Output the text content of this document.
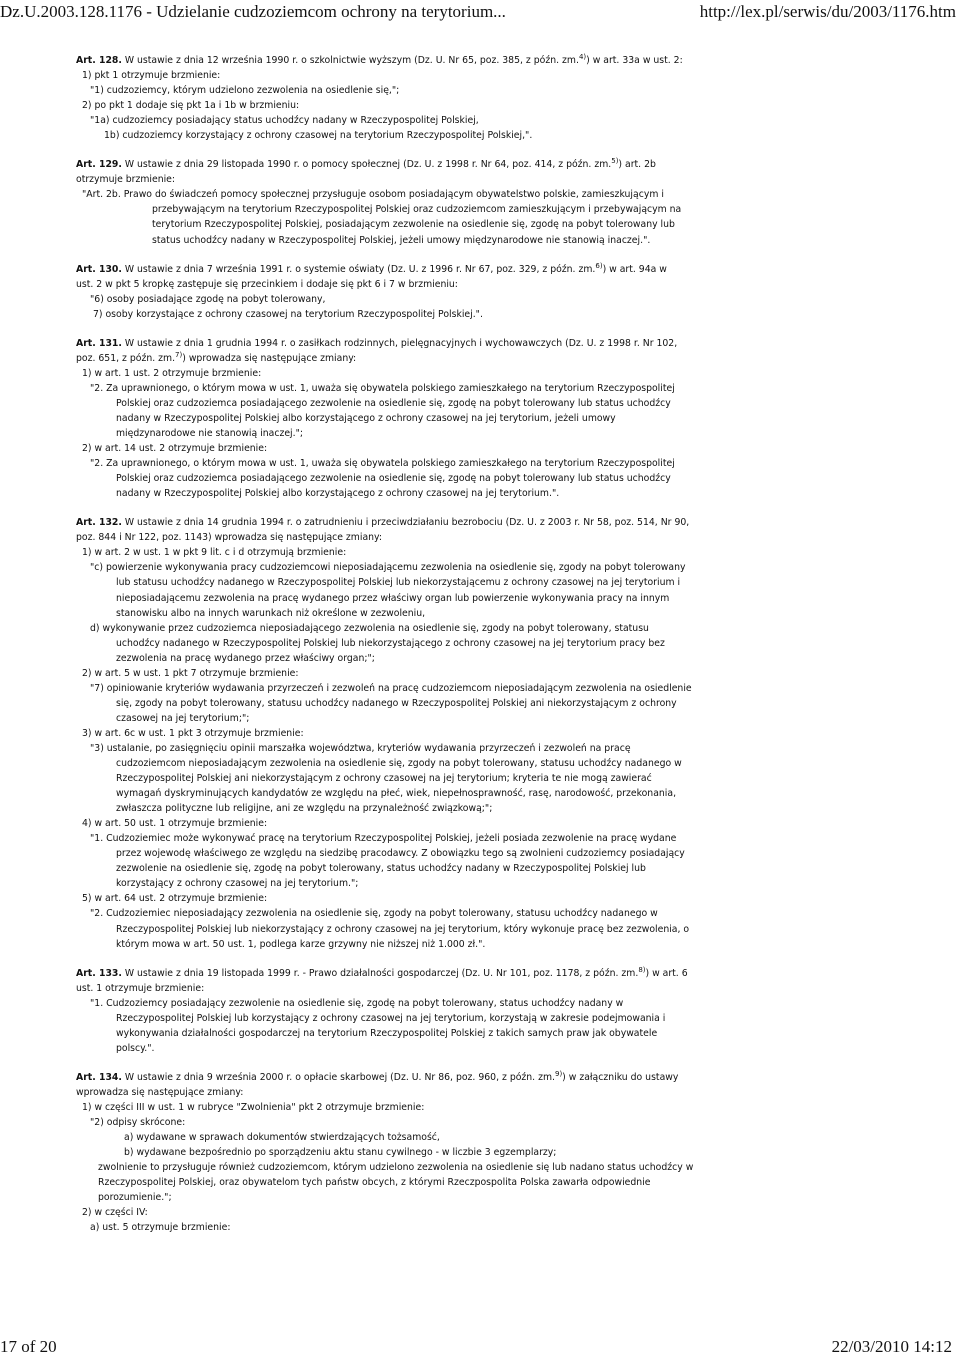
Dz.U.2003.128.1176 - Udzielanie cudzoziemcom ochrony na terytorium...	http://lex.pl/serwis/du/2003/1176.htm
Art. 128. W ustawie z dnia 12 września 1990 r. o szkolnictwie wyższym (Dz. U. Nr 65, poz. 385, z późn. zm.$^{4)}$) w art. 33a w ust. 2:
1) pkt 1 otrzymuje brzmienie:
"1) cudzoziemcy, którym udzielono zezwolenia na osiedlenie się,";
2) po pkt 1 dodaje się pkt 1a i 1b w brzmieniu:
"1a) cudzoziemcy posiadający status uchodźcy nadany w Rzeczypospolitej Polskiej,
1b) cudzoziemcy korzystający z ochrony czasowej na terytorium Rzeczypospolitej Polskiej,".
Art. 129. W ustawie z dnia 29 listopada 1990 r. o pomocy społecznej (Dz. U. z 1998 r. Nr 64, poz. 414, z późn. zm.$^{5)}$) art. 2b
otrzymuje brzmienie:
"Art. 2b. Prawo do świadczeń pomocy społecznej przysługuje osobom posiadającym obywatelstwo polskie, zamieszkującym i
przebywającym na terytorium Rzeczypospolitej Polskiej oraz cudzoziemcom zamieszkującym i przebywającym na
terytorium Rzeczypospolitej Polskiej, posiadającym zezwolenie na osiedlenie się, zgodę na pobyt tolerowany lub
status uchodźcy nadany w Rzeczypospolitej Polskiej, jeżeli umowy międzynarodowe nie stanowią inaczej.".
Art. 130. W ustawie z dnia 7 września 1991 r. o systemie oświaty (Dz. U. z 1996 r. Nr 67, poz. 329, z późn. zm.$^{6)}$) w art. 94a w
ust. 2 w pkt 5 kropkę zastępuje się przecinkiem i dodaje się pkt 6 i 7 w brzmieniu:
"6) osoby posiadające zgodę na pobyt tolerowany,
7) osoby korzystające z ochrony czasowej na terytorium Rzeczypospolitej Polskiej.".
Art. 131. W ustawie z dnia 1 grudnia 1994 r. o zasiłkach rodzinnych, pielęgnacyjnych i wychowawczych (Dz. U. z 1998 r. Nr 102,
poz. 651, z późn. zm.$^{7)}$) wprowadza się następujące zmiany:
1) w art. 1 ust. 2 otrzymuje brzmienie:
"2. Za uprawnionego, o którym mowa w ust. 1, uważa się obywatela polskiego zamieszkałego na terytorium Rzeczypospolitej
Polskiej oraz cudzoziemca posiadającego zezwolenie na osiedlenie się, zgodę na pobyt tolerowany lub status uchodźcy
nadany w Rzeczypospolitej Polskiej albo korzystającego z ochrony czasowej na jej terytorium, jeżeli umowy
międzynarodowe nie stanowią inaczej.";
2) w art. 14 ust. 2 otrzymuje brzmienie:
"2. Za uprawnionego, o którym mowa w ust. 1, uważa się obywatela polskiego zamieszkałego na terytorium Rzeczypospolitej
Polskiej oraz cudzoziemca posiadającego zezwolenie na osiedlenie się, zgodę na pobyt tolerowany lub status uchodźcy
nadany w Rzeczypospolitej Polskiej albo korzystającego z ochrony czasowej na jej terytorium.".
Art. 132. W ustawie z dnia 14 grudnia 1994 r. o zatrudnieniu i przeciwdziałaniu bezrobociu (Dz. U. z 2003 r. Nr 58, poz. 514, Nr 90,
poz. 844 i Nr 122, poz. 1143) wprowadza się następujące zmiany:
1) w art. 2 w ust. 1 w pkt 9 lit. c i d otrzymują brzmienie:
"c) powierzenie wykonywania pracy cudzoziemcowi nieposiadającemu zezwolenia na osiedlenie się, zgody na pobyt tolerowany
lub statusu uchodźcy nadanego w Rzeczypospolitej Polskiej lub niekorzystającemu z ochrony czasowej na jej terytorium i
nieposiadającemu zezwolenia na pracę wydanego przez właściwy organ lub powierzenie wykonywania pracy na innym
stanowisku albo na innych warunkach niż określone w zezwoleniu,
d) wykonywanie przez cudzoziemca nieposiadającego zezwolenia na osiedlenie się, zgody na pobyt tolerowany, statusu
uchodźcy nadanego w Rzeczypospolitej Polskiej lub niekorzystającego z ochrony czasowej na jej terytorium pracy bez
zezwolenia na pracę wydanego przez właściwy organ;";
2) w art. 5 w ust. 1 pkt 7 otrzymuje brzmienie:
"7) opiniowanie kryteriów wydawania przyrzeczeń i zezwoleń na pracę cudzoziemcom nieposiadającym zezwolenia na osiedlenie
się, zgody na pobyt tolerowany, statusu uchodźcy nadanego w Rzeczypospolitej Polskiej ani niekorzystającym z ochrony
czasowej na jej terytorium;";
3) w art. 6c w ust. 1 pkt 3 otrzymuje brzmienie:
"3) ustalanie, po zasięgnięciu opinii marszałka województwa, kryteriów wydawania przyrzeczeń i zezwoleń na pracę
cudzoziemcom nieposiadającym zezwolenia na osiedlenie się, zgody na pobyt tolerowany, statusu uchodźcy nadanego w
Rzeczypospolitej Polskiej ani niekorzystającym z ochrony czasowej na jej terytorium; kryteria te nie mogą zawierać
wymagań dyskryminujących kandydatów ze względu na płeć, wiek, niepełnosprawność, rasę, narodowość, przekonania,
zwłaszcza polityczne lub religijne, ani ze względu na przynależność związkową;";
4) w art. 50 ust. 1 otrzymuje brzmienie:
"1. Cudzoziemiec może wykonywać pracę na terytorium Rzeczypospolitej Polskiej, jeżeli posiada zezwolenie na pracę wydane
przez wojewodę właściwego ze względu na siedzibę pracodawcy. Z obowiązku tego są zwolnieni cudzoziemcy posiadający
zezwolenie na osiedlenie się, zgodę na pobyt tolerowany, status uchodźcy nadany w Rzeczypospolitej Polskiej lub
korzystający z ochrony czasowej na jej terytorium.";
5) w art. 64 ust. 2 otrzymuje brzmienie:
"2. Cudzoziemiec nieposiadający zezwolenia na osiedlenie się, zgody na pobyt tolerowany, statusu uchodźcy nadanego w
Rzeczypospolitej Polskiej lub niekorzystający z ochrony czasowej na jej terytorium, który wykonuje pracę bez zezwolenia, o
którym mowa w art. 50 ust. 1, podlega karze grzywny nie niższej niż 1.000 zł.".
Art. 133. W ustawie z dnia 19 listopada 1999 r. - Prawo działalności gospodarczej (Dz. U. Nr 101, poz. 1178, z późn. zm.$^{8)}$) w art. 6
ust. 1 otrzymuje brzmienie:
"1. Cudzoziemcy posiadający zezwolenie na osiedlenie się, zgodę na pobyt tolerowany, status uchodźcy nadany w
Rzeczypospolitej Polskiej lub korzystający z ochrony czasowej na jej terytorium, korzystają w zakresie podejmowania i
wykonywania działalności gospodarczej na terytorium Rzeczypospolitej Polskiej z takich samych praw jak obywatele
polscy.".
Art. 134. W ustawie z dnia 9 września 2000 r. o opłacie skarbowej (Dz. U. Nr 86, poz. 960, z późn. zm.$^{9)}$) w załączniku do ustawy
wprowadza się następujące zmiany:
1) w części III w ust. 1 w rubryce "Zwolnienia" pkt 2 otrzymuje brzmienie:
"2) odpisy skrócone:
a) wydawane w sprawach dokumentów stwierdzających tożsamość,
b) wydawane bezpośrednio po sporządzeniu aktu stanu cywilnego - w liczbie 3 egzemplarzy;
zwolnienie to przysługuje również cudzoziemcom, którym udzielono zezwolenia na osiedlenie się lub nadano status uchodźcy w
Rzeczypospolitej Polskiej, oraz obywatelom tych państw obcych, z którymi Rzeczpospolita Polska zawarła odpowiednie
porozumienie.";
2) w części IV:
a) ust. 5 otrzymuje brzmienie:
17 of 20	22/03/2010 14:12
